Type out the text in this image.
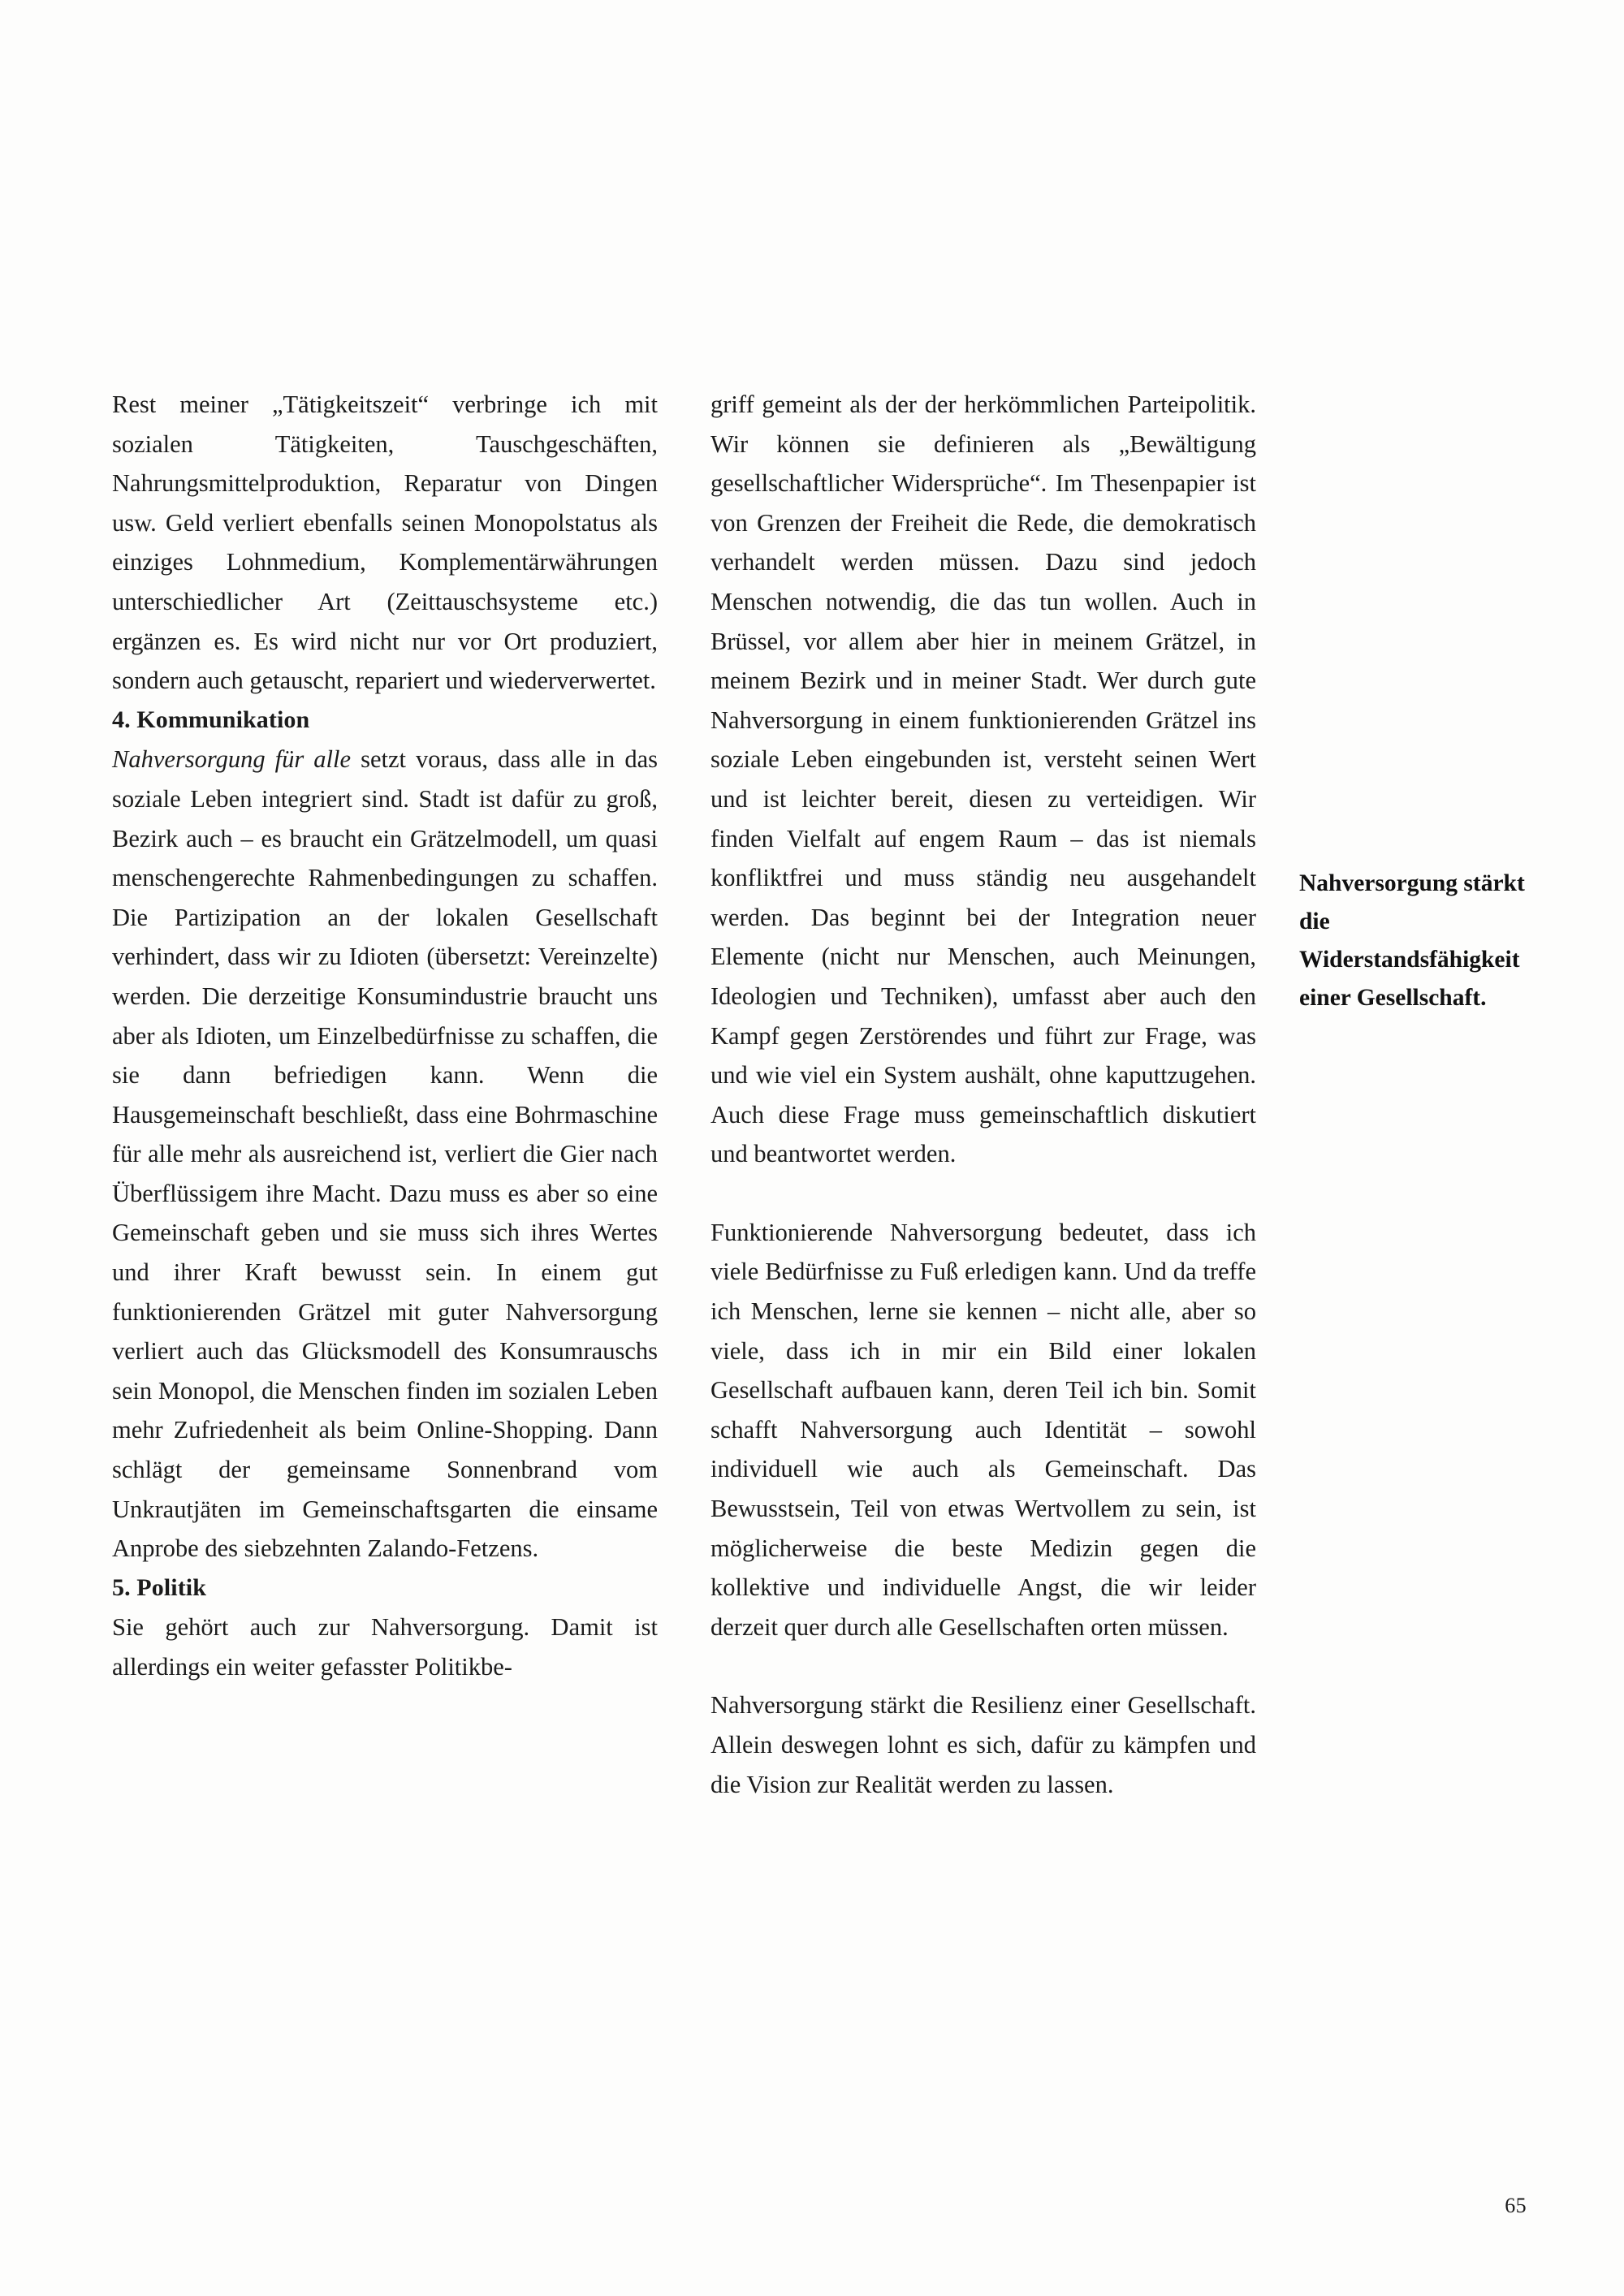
Rest meiner „Tätigkeitszeit“ verbringe ich mit sozialen Tätigkeiten, Tauschgeschäften, Nahrungsmittelproduktion, Reparatur von Dingen usw. Geld verliert ebenfalls seinen Monopolstatus als einziges Lohnmedium, Komplementärwährungen unterschiedlicher Art (Zeittauschsysteme etc.) ergänzen es. Es wird nicht nur vor Ort produziert, sondern auch getauscht, repariert und wiederverwertet.

4. Kommunikation

Nahversorgung für alle setzt voraus, dass alle in das soziale Leben integriert sind. Stadt ist dafür zu groß, Bezirk auch – es braucht ein Grätzelmodell, um quasi menschengerechte Rahmenbedingungen zu schaffen. Die Partizipation an der lokalen Gesellschaft verhindert, dass wir zu Idioten (übersetzt: Vereinzelte) werden. Die derzeitige Konsumindustrie braucht uns aber als Idioten, um Einzelbedürfnisse zu schaffen, die sie dann befriedigen kann. Wenn die Hausgemeinschaft beschließt, dass eine Bohrmaschine für alle mehr als ausreichend ist, verliert die Gier nach Überflüssigem ihre Macht. Dazu muss es aber so eine Gemeinschaft geben und sie muss sich ihres Wertes und ihrer Kraft bewusst sein. In einem gut funktionierenden Grätzel mit guter Nahversorgung verliert auch das Glücksmodell des Konsumrauschs sein Monopol, die Menschen finden im sozialen Leben mehr Zufriedenheit als beim Online-Shopping. Dann schlägt der gemeinsame Sonnenbrand vom Unkrautjäten im Gemeinschaftsgarten die einsame Anprobe des siebzehnten Zalando-Fetzens.

5. Politik

Sie gehört auch zur Nahversorgung. Damit ist allerdings ein weiter gefasster Politikbe-

griff gemeint als der der herkömmlichen Parteipolitik. Wir können sie definieren als „Bewältigung gesellschaftlicher Widersprüche“. Im Thesenpapier ist von Grenzen der Freiheit die Rede, die demokratisch verhandelt werden müssen. Dazu sind jedoch Menschen notwendig, die das tun wollen. Auch in Brüssel, vor allem aber hier in meinem Grätzel, in meinem Bezirk und in meiner Stadt. Wer durch gute Nahversorgung in einem funktionierenden Grätzel ins soziale Leben eingebunden ist, versteht seinen Wert und ist leichter bereit, diesen zu verteidigen. Wir finden Vielfalt auf engem Raum – das ist niemals konfliktfrei und muss ständig neu ausgehandelt werden. Das beginnt bei der Integration neuer Elemente (nicht nur Menschen, auch Meinungen, Ideologien und Techniken), umfasst aber auch den Kampf gegen Zerstörendes und führt zur Frage, was und wie viel ein System aushält, ohne kaputtzugehen. Auch diese Frage muss gemeinschaftlich diskutiert und beantwortet werden.

Funktionierende Nahversorgung bedeutet, dass ich viele Bedürfnisse zu Fuß erledigen kann. Und da treffe ich Menschen, lerne sie kennen – nicht alle, aber so viele, dass ich in mir ein Bild einer lokalen Gesellschaft aufbauen kann, deren Teil ich bin. Somit schafft Nahversorgung auch Identität – sowohl individuell wie auch als Gemeinschaft. Das Bewusstsein, Teil von etwas Wertvollem zu sein, ist möglicherweise die beste Medizin gegen die kollektive und individuelle Angst, die wir leider derzeit quer durch alle Gesellschaften orten müssen.

Nahversorgung stärkt die Resilienz einer Gesellschaft. Allein deswegen lohnt es sich, dafür zu kämpfen und die Vision zur Realität werden zu lassen.

Nahversorgung stärkt die Widerstandsfähigkeit einer Gesellschaft.
65
